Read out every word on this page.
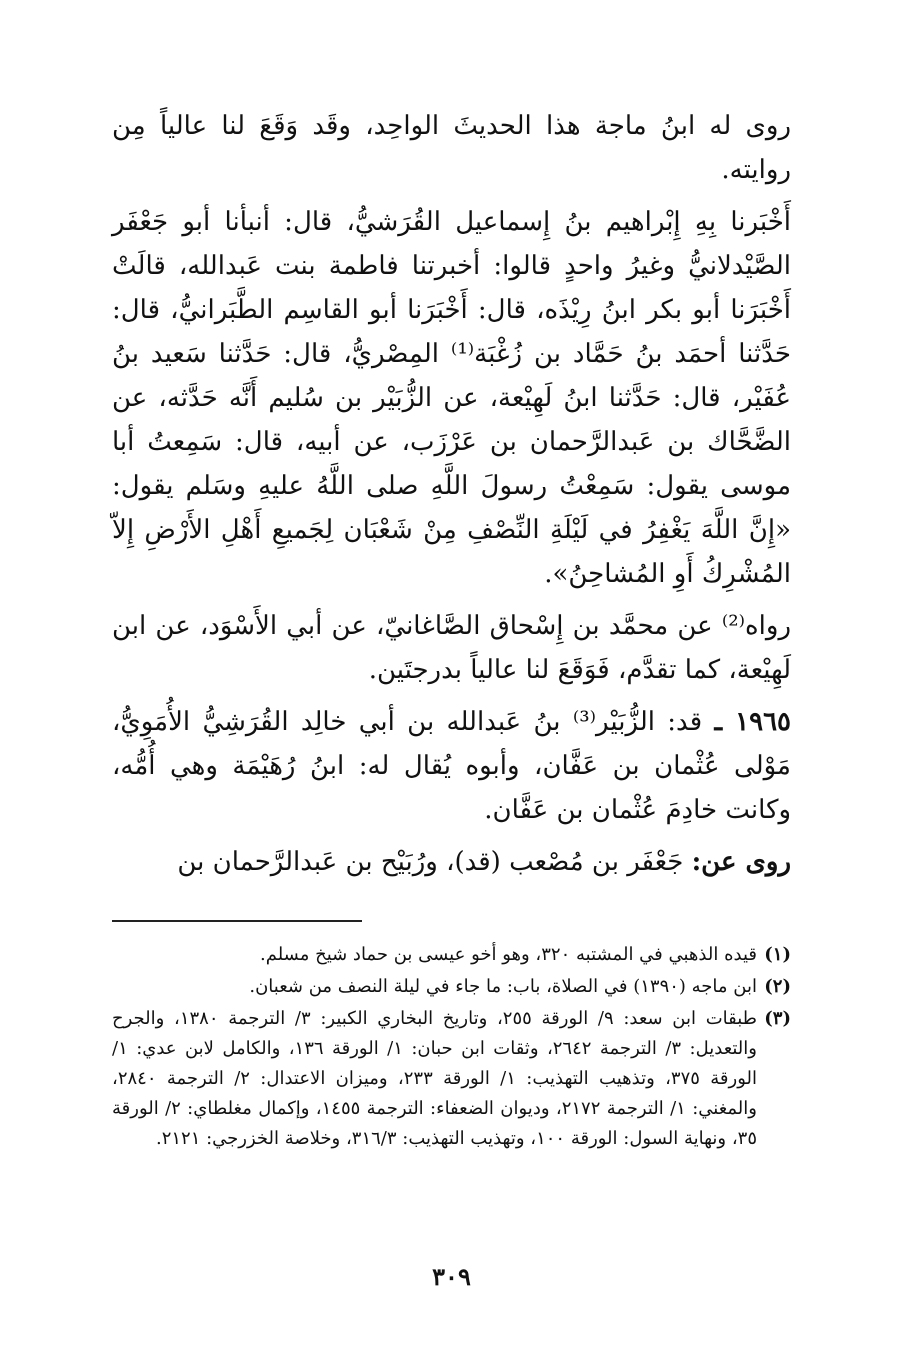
روى له ابنُ ماجة هذا الحديثَ الواحِد، وقَد وَقَعَ لنا عالياً مِن روايته.

أَخْبَرنا بِهِ إِبْراهيم بنُ إِسماعيل القُرَشيُّ، قال: أنبأنا أبو جَعْفَر الصَّيْدلانيُّ وغيرُ واحدٍ قالوا: أخبرتنا فاطمة بنت عَبدالله، قالَتْ أَخْبَرَنا أبو بكر ابنُ رِيْذَه، قال: أَخْبَرَنا أبو القاسِم الطَّبَرانيُّ، قال: حَدَّثنا أحمَد بنُ حَمَّاد بن زُغْبَة⁽¹⁾ المِصْريُّ، قال: حَدَّثنا سَعيد بنُ عُفَيْر، قال: حَدَّثنا ابنُ لَهِيْعة، عن الزُّبَيْر بن سُليم أَنَّه حَدَّثه، عن الضَّحَّاك بن عَبدالرَّحمان بن عَرْزَب، عن أبيه، قال: سَمِعتُ أبا موسى يقول: سَمِعْتُ رسولَ اللَّهِ صلى اللَّهُ عليهِ وسَلم يقول: «إِنَّ اللَّهَ يَغْفِرُ في لَيْلَةِ النِّصْفِ مِنْ شَعْبَان لِجَميعِ أَهْلِ الأَرْضِ إِلاّ المُشْرِكُ أَوِ المُشاحِنُ».

رواه⁽²⁾ عن محمَّد بن إِسْحاق الصَّاغانيّ، عن أبي الأَسْوَد، عن ابن لَهِيْعة، كما تقدَّم، فَوَقَعَ لنا عالياً بدرجتَين.

١٩٦٥ ـ قد: الزُّبَيْر⁽³⁾ بنُ عَبدالله بن أبي خالِد القُرَشِيُّ الأُمَوِيُّ، مَوْلى عُثْمان بن عَفَّان، وأبوه يُقال له: ابنُ رُهَيْمَة وهي أُمُّه، وكانت خادِمَ عُثْمان بن عَفَّان.

روى عن: جَعْفَر بن مُصْعب (قد)، ورُبَيْح بن عَبدالرَّحمان بن

(١)
قيده الذهبي في المشتبه ٣٢٠، وهو أخو عيسى بن حماد شيخ مسلم.
(٢)
ابن ماجه (١٣٩٠) في الصلاة، باب: ما جاء في ليلة النصف من شعبان.
(٣)
طبقات ابن سعد: ٩/ الورقة ٢٥٥، وتاريخ البخاري الكبير: ٣/ الترجمة ١٣٨٠، والجرح والتعديل: ٣/ الترجمة ٢٦٤٢، وثقات ابن حبان: ١/ الورقة ١٣٦، والكامل لابن عدي: ١/الورقة ٣٧٥، وتذهيب التهذيب: ١/ الورقة ٢٣٣، وميزان الاعتدال: ٢/ الترجمة ٢٨٤٠، والمغني: ١/ الترجمة ٢١٧٢، وديوان الضعفاء: الترجمة ١٤٥٥، وإكمال مغلطاي: ٢/ الورقة ٣٥، ونهاية السول: الورقة ١٠٠، وتهذيب التهذيب: ٣١٦/٣، وخلاصة الخزرجي: ٢١٢١.
٣٠٩
